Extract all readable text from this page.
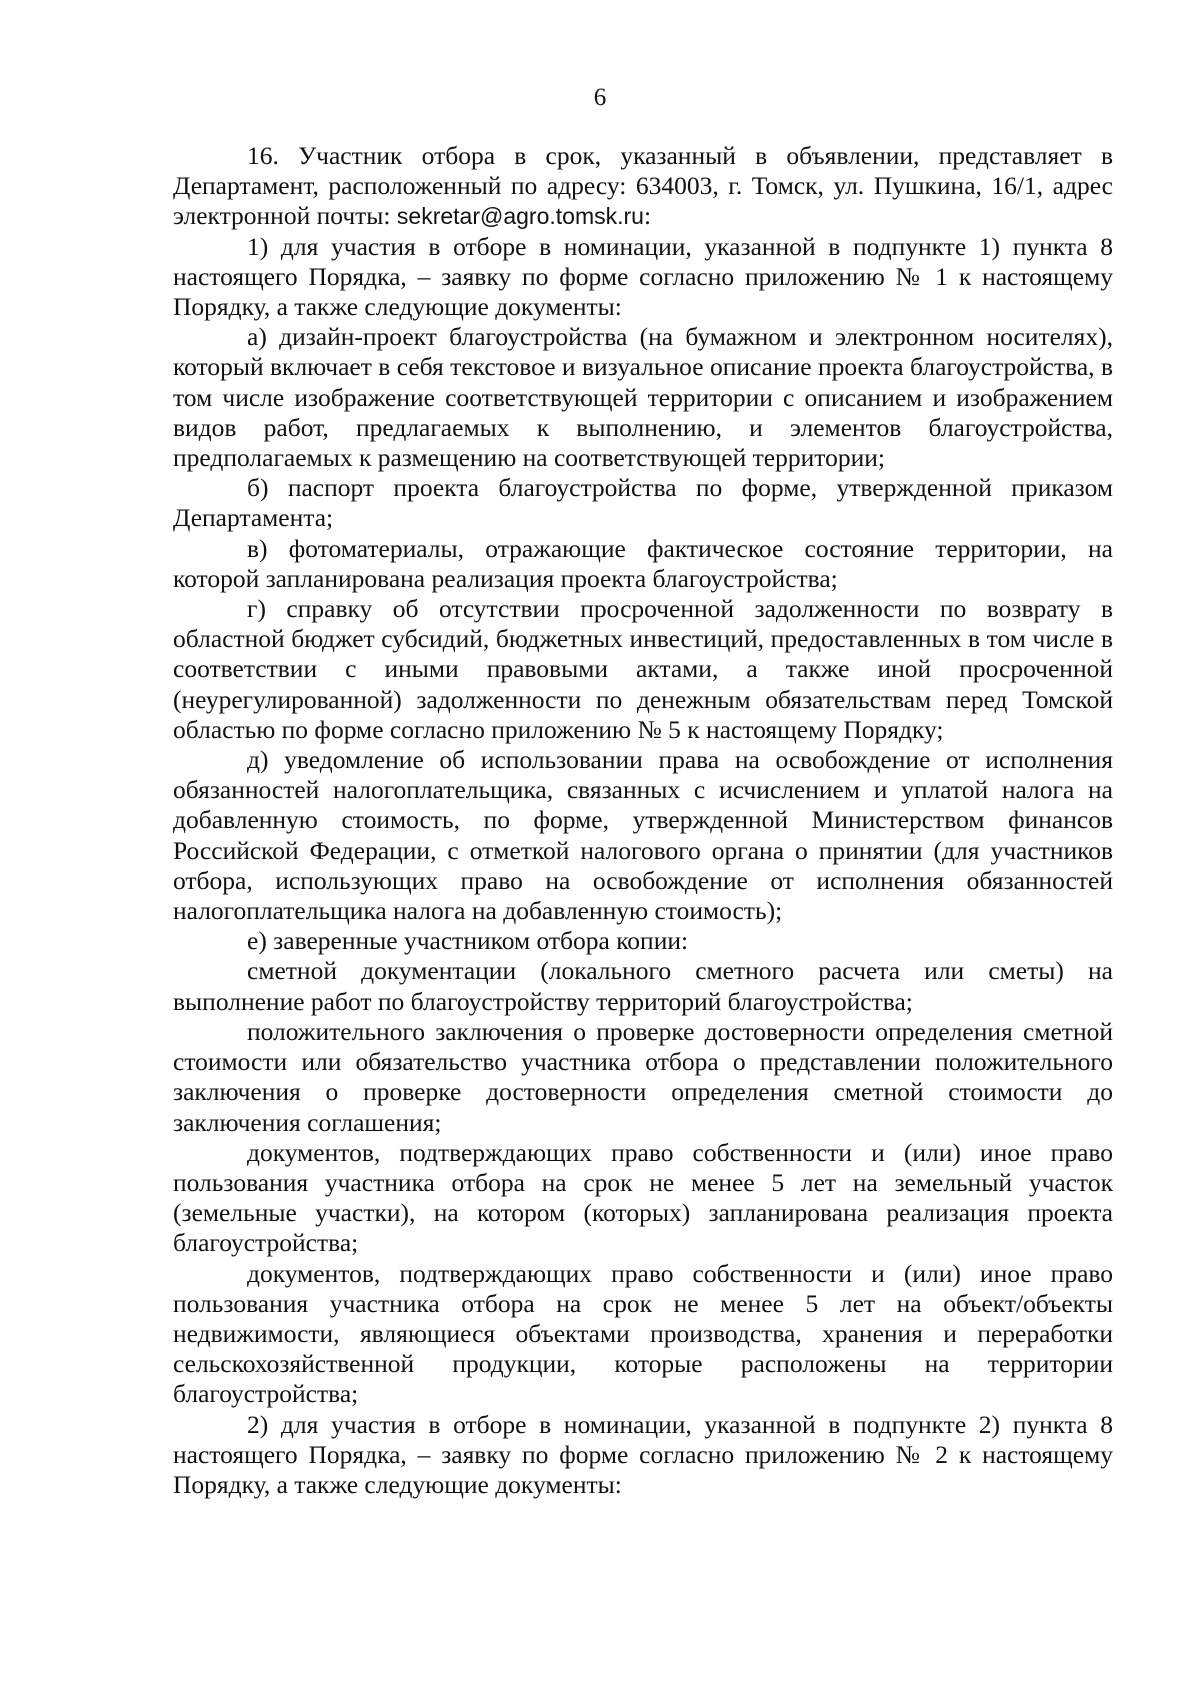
6

16. Участник отбора в срок, указанный в объявлении, представляет в Департамент, расположенный по адресу: 634003, г. Томск, ул. Пушкина, 16/1, адрес электронной почты: sekretar@agro.tomsk.ru:

1) для участия в отборе в номинации, указанной в подпункте 1) пункта 8 настоящего Порядка, – заявку по форме согласно приложению № 1 к настоящему Порядку, а также следующие документы:

а) дизайн-проект благоустройства (на бумажном и электронном носителях), который включает в себя текстовое и визуальное описание проекта благоустройства, в том числе изображение соответствующей территории с описанием и изображением видов работ, предлагаемых к выполнению, и элементов благоустройства, предполагаемых к размещению на соответствующей территории;

б) паспорт проекта благоустройства по форме, утвержденной приказом Департамента;

в) фотоматериалы, отражающие фактическое состояние территории, на которой запланирована реализация проекта благоустройства;

г) справку об отсутствии просроченной задолженности по возврату в областной бюджет субсидий, бюджетных инвестиций, предоставленных в том числе в соответствии с иными правовыми актами, а также иной просроченной (неурегулированной) задолженности по денежным обязательствам перед Томской областью по форме согласно приложению № 5 к настоящему Порядку;

д) уведомление об использовании права на освобождение от исполнения обязанностей налогоплательщика, связанных с исчислением и уплатой налога на добавленную стоимость, по форме, утвержденной Министерством финансов Российской Федерации, с отметкой налогового органа о принятии (для участников отбора, использующих право на освобождение от исполнения обязанностей налогоплательщика налога на добавленную стоимость);

е) заверенные участником отбора копии:

сметной документации (локального сметного расчета или сметы) на выполнение работ по благоустройству территорий благоустройства;

положительного заключения о проверке достоверности определения сметной стоимости или обязательство участника отбора о представлении положительного заключения о проверке достоверности определения сметной стоимости до заключения соглашения;

документов, подтверждающих право собственности и (или) иное право пользования участника отбора на срок не менее 5 лет на земельный участок (земельные участки), на котором (которых) запланирована реализация проекта благоустройства;

документов, подтверждающих право собственности и (или) иное право пользования участника отбора на срок не менее 5 лет на объект/объекты недвижимости, являющиеся объектами производства, хранения и переработки сельскохозяйственной продукции, которые расположены на территории благоустройства;

2) для участия в отборе в номинации, указанной в подпункте 2) пункта 8 настоящего Порядка, – заявку по форме согласно приложению № 2 к настоящему Порядку, а также следующие документы:
